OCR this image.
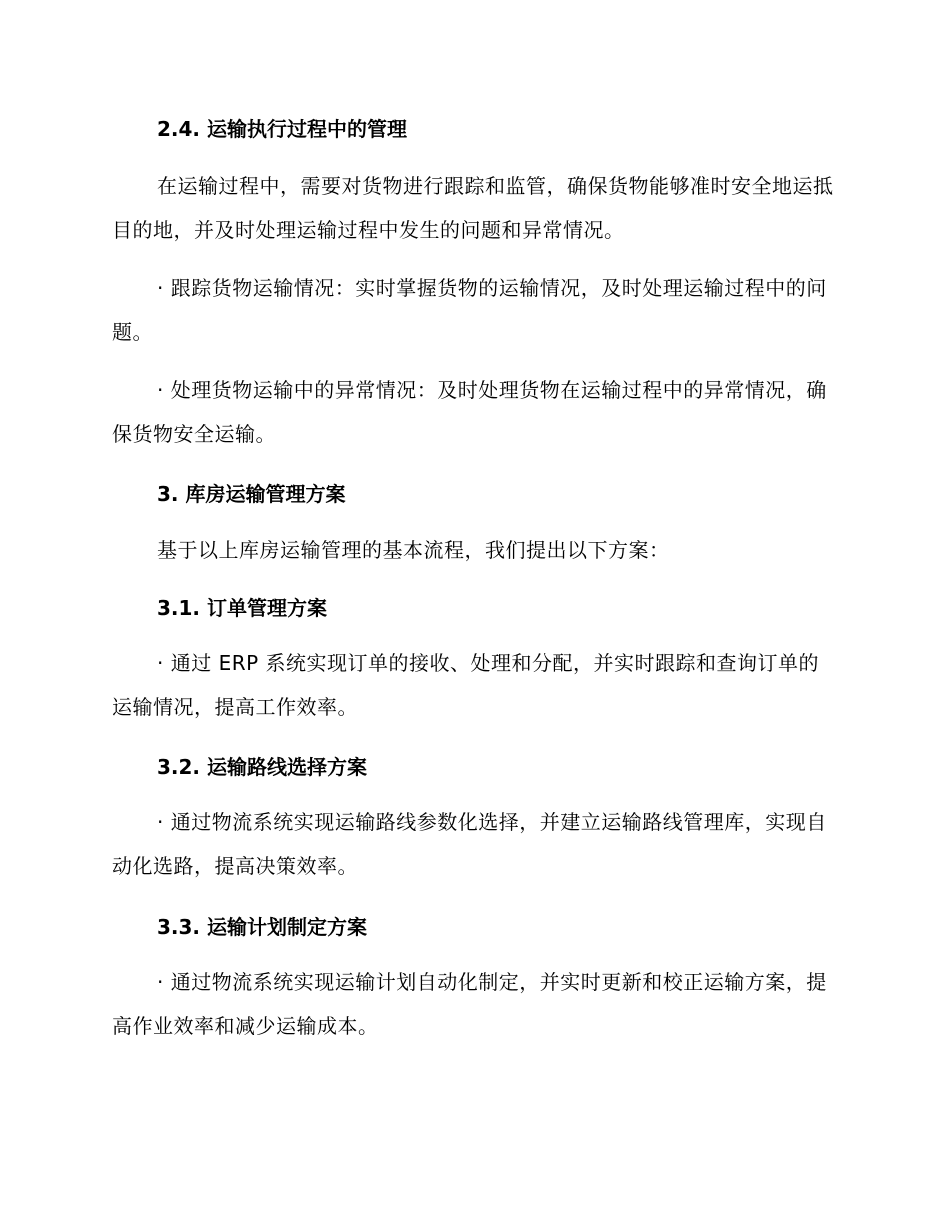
2.4. 运输执行过程中的管理
在运输过程中，需要对货物进行跟踪和监管，确保货物能够准时安全地运抵目的地，并及时处理运输过程中发生的问题和异常情况。
· 跟踪货物运输情况：实时掌握货物的运输情况，及时处理运输过程中的问题。
· 处理货物运输中的异常情况：及时处理货物在运输过程中的异常情况，确保货物安全运输。
3. 库房运输管理方案
基于以上库房运输管理的基本流程，我们提出以下方案：
3.1. 订单管理方案
· 通过 ERP 系统实现订单的接收、处理和分配，并实时跟踪和查询订单的运输情况，提高工作效率。
3.2. 运输路线选择方案
· 通过物流系统实现运输路线参数化选择，并建立运输路线管理库，实现自动化选路，提高决策效率。
3.3. 运输计划制定方案
· 通过物流系统实现运输计划自动化制定，并实时更新和校正运输方案，提高作业效率和减少运输成本。
